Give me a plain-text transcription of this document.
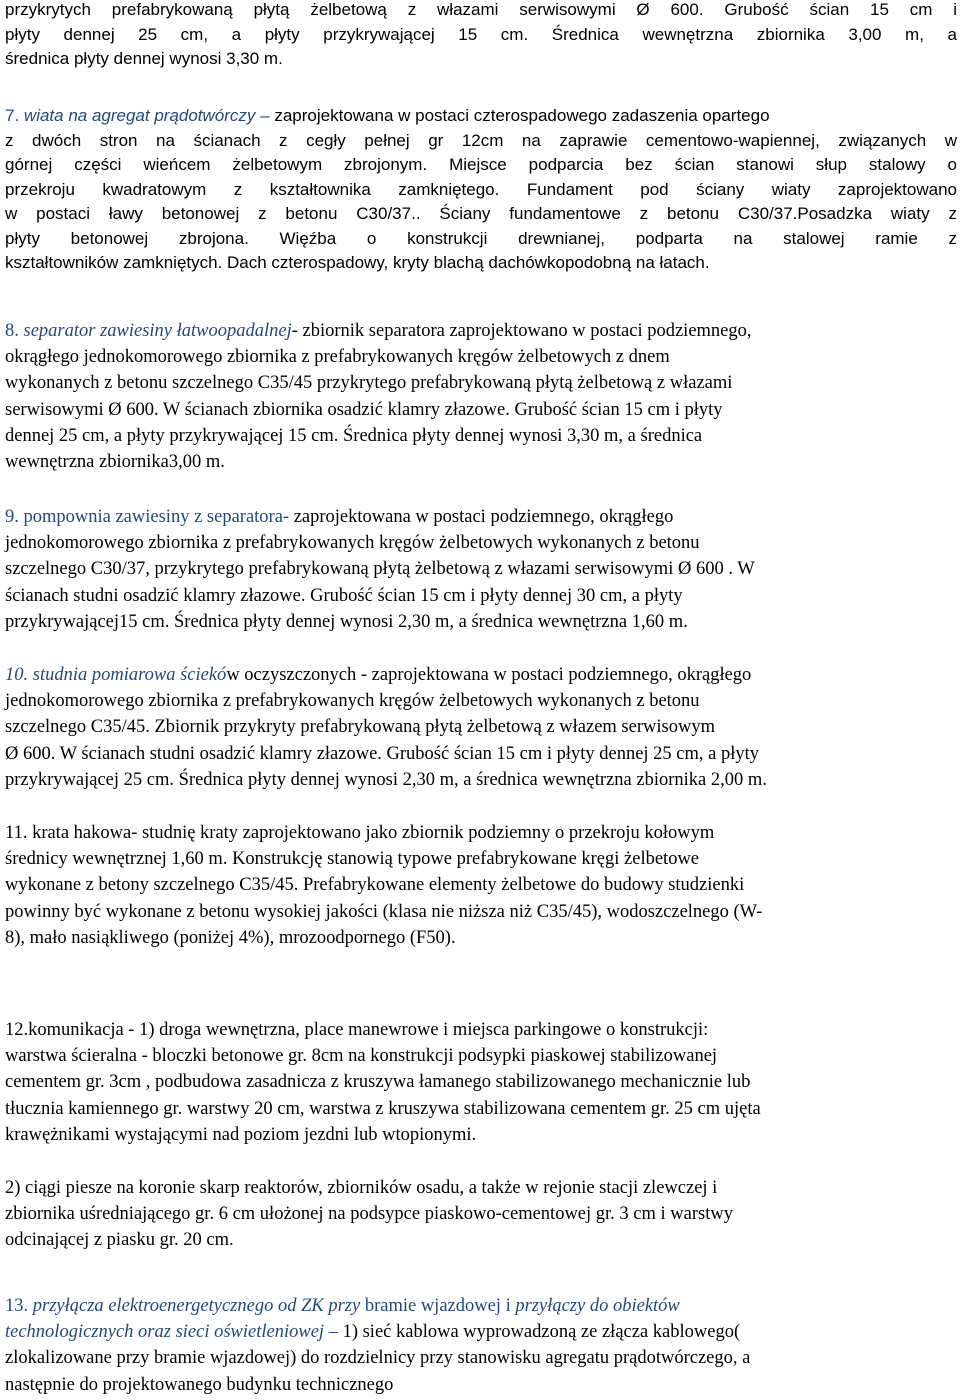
przykrytych prefabrykowaną płytą żelbetową z włazami serwisowymi Ø 600. Grubość ścian 15 cm i
płyty dennej 25 cm, a płyty przykrywającej 15 cm. Średnica wewnętrzna zbiornika 3,00 m, a
średnica płyty dennej wynosi 3,30 m.
7. wiata na agregat prądotwórczy – zaprojektowana w postaci czterospadowego zadaszenia opartego
z dwóch stron na ścianach z cegły pełnej gr 12cm na zaprawie cementowo-wapiennej, związanych w
górnej części wieńcem żelbetowym zbrojonym. Miejsce podparcia bez ścian stanowi słup stalowy o
przekroju kwadratowym z kształtownika zamkniętego. Fundament pod ściany wiaty zaprojektowano
w postaci ławy betonowej z betonu C30/37.. Ściany fundamentowe z betonu C30/37.Posadzka wiaty z
płyty betonowej zbrojona. Więźba o konstrukcji drewnianej, podparta na stalowej ramie z
kształtowników zamkniętych. Dach czterospadowy, kryty blachą dachówkopodobną na łatach.
8. separator zawiesiny łatwoopadalnej- zbiornik separatora zaprojektowano w postaci podziemnego,
okrągłego jednokomorowego zbiornika z prefabrykowanych kręgów żelbetowych z dnem
wykonanych z betonu szczelnego C35/45 przykrytego prefabrykowaną płytą żelbetową z włazami
serwisowymi Ø 600. W ścianach zbiornika osadzić klamry złazowe. Grubość ścian 15 cm i płyty
dennej 25 cm, a płyty przykrywającej 15 cm. Średnica płyty dennej wynosi 3,30 m, a średnica
wewnętrzna zbiornika3,00 m.
9. pompownia zawiesiny z separatora- zaprojektowana w postaci podziemnego, okrągłego
jednokomorowego zbiornika z prefabrykowanych kręgów żelbetowych wykonanych z betonu
szczelnego C30/37, przykrytego prefabrykowaną płytą żelbetową z włazami serwisowymi Ø 600 . W
ścianach studni osadzić klamry złazowe. Grubość ścian 15 cm i płyty dennej 30 cm, a płyty
przykrywającej15 cm. Średnica płyty dennej wynosi 2,30 m, a średnica wewnętrzna 1,60 m.
10. studnia pomiarowa ścieków oczyszczonych - zaprojektowana w postaci podziemnego, okrągłego
jednokomorowego zbiornika z prefabrykowanych kręgów żelbetowych wykonanych z betonu
szczelnego C35/45. Zbiornik przykryty prefabrykowaną płytą żelbetową z włazem serwisowym
Ø 600. W ścianach studni osadzić klamry złazowe. Grubość ścian 15 cm i płyty dennej 25 cm, a płyty
przykrywającej 25 cm. Średnica płyty dennej wynosi 2,30 m, a średnica wewnętrzna zbiornika 2,00 m.
11. krata hakowa- studnię kraty zaprojektowano jako zbiornik podziemny o przekroju kołowym
średnicy wewnętrznej 1,60 m. Konstrukcję stanowią typowe prefabrykowane kręgi żelbetowe
wykonane z betony szczelnego C35/45. Prefabrykowane elementy żelbetowe do budowy studzienki
powinny być wykonane z betonu wysokiej jakości (klasa nie niższa niż C35/45), wodoszczelnego (W-
8), mało nasiąkliwego (poniżej 4%), mrozoodpornego (F50).
12.komunikacja - 1) droga wewnętrzna, place manewrowe i miejsca parkingowe o konstrukcji:
warstwa ścieralna - bloczki betonowe gr. 8cm na konstrukcji podsypki piaskowej stabilizowanej
cementem gr. 3cm , podbudowa zasadnicza z kruszywa łamanego stabilizowanego mechanicznie lub
tłucznia kamiennego gr. warstwy 20 cm, warstwa z kruszywa stabilizowana cementem gr. 25 cm ujęta
krawężnikami wystającymi nad poziom jezdni lub wtopionymi.
2) ciągi piesze na koronie skarp reaktorów, zbiorników osadu, a także w rejonie stacji zlewczej i
zbiornika uśredniającego gr. 6 cm ułożonej na podsypce piaskowo-cementowej gr. 3 cm i warstwy
odcinającej z piasku gr. 20 cm.
13. przyłącza elektroenergetycznego od ZK przy bramie wjazdowej i przyłączy do obiektów
technologicznych oraz sieci oświetleniowej – 1) sieć kablowa wyprowadzoną ze złącza kablowego(
zlokalizowane przy bramie wjazdowej) do rozdzielnicy przy stanowisku agregatu prądotwórczego, a
następnie do projektowanego budynku technicznego
